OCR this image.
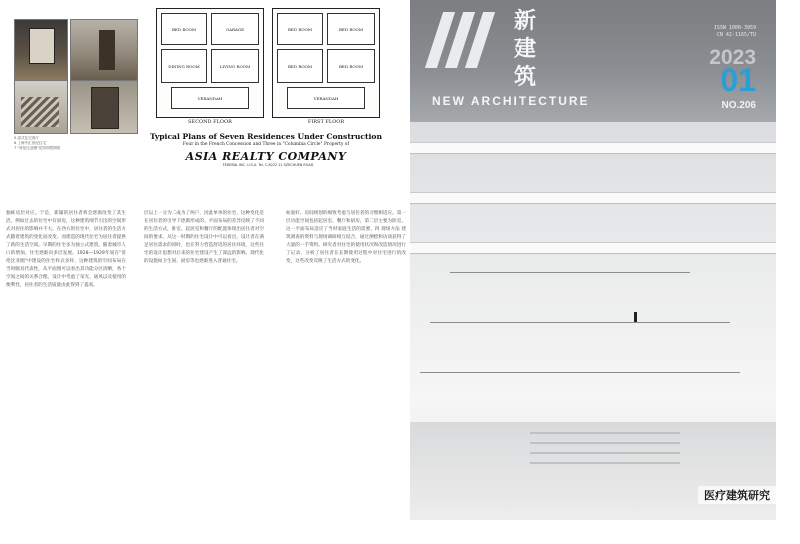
5 邵式住宅客厅
6 上海中汇世纪住宅
7 "哥伦比亚圈"花园别墅图纸
BED ROOM	GARAGE
DINING ROOM	LIVING ROOM
VERANDAH
SECOND FLOOR
BED ROOM	BED ROOM
BED ROOM	BED ROOM
VERANDAH
FIRST FLOOR
Typical Plans of Seven Residences Under Construction
Four in the French Concession and Three in "Columbia Circle" Property of
ASIA REALTY COMPANY
FEDERAL INC. U.S.A. Tel. C-8222 11 SZECHUEN ROAD
独栋房层对应。于是，新辅的居住者将会逐渐改变了其生活。例如过去的住宅中有厨房，这种建筑细节引出的空间形式对居住的影响并不大。在西方的住宅中，居住者的生活方式随着建筑的变化而改变。而建造的现代住宅为居住者提供了新的生活空间。早期的住宅多为独立式建筑，随着城市人口的增加，住宅逐渐向多层发展。1928—1929年间在"哥伦比亚圈"中建设的住宅样式多样，这种建筑的空间布局在当时颇具代表性，从平面图可以看出其功能分区清晰，各个空间之间的关系合理。设计中考虑了采光、通风以及使用的便利性，居住者的生活质量由此得到了提高。
层以上一分为二成为了两户，因此单单的住宅，这种变化是在居住者的引导下逐渐形成的。平面布局的差异反映了不同的生活方式，卧室、起居室和餐厅的配置体现出居住者对空间的要求。从这一时期的住宅设计中可以看出，设计者在满足居住需求的同时，也在努力营造舒适的居住环境，这些住宅的设计思想对后来的住宅建设产生了深远的影响。现代化的设施如卫生间、厨房等也逐渐进入普通住宅。
如爱好。房间规划的细致考虑与居住者的习惯相适应。第一层功能空间包括起居室、餐厅和厨房，第二层主要为卧室。这一平面布局适应了当时家庭生活的需要。四 现场方法 建筑调查的资料与现场调研相互结合，通过测绘和访谈获得了大量的一手资料。研究者对住宅的使用状况和改造情况进行了记录，分析了居住者在长期使用过程中对住宅进行的改变，这些改变反映了生活方式的变化。
新
建
筑
NEW ARCHITECTURE
ISSN 1000-3959
CN 42-1165/TU
2023
01
NO.206
医疗建筑研究
